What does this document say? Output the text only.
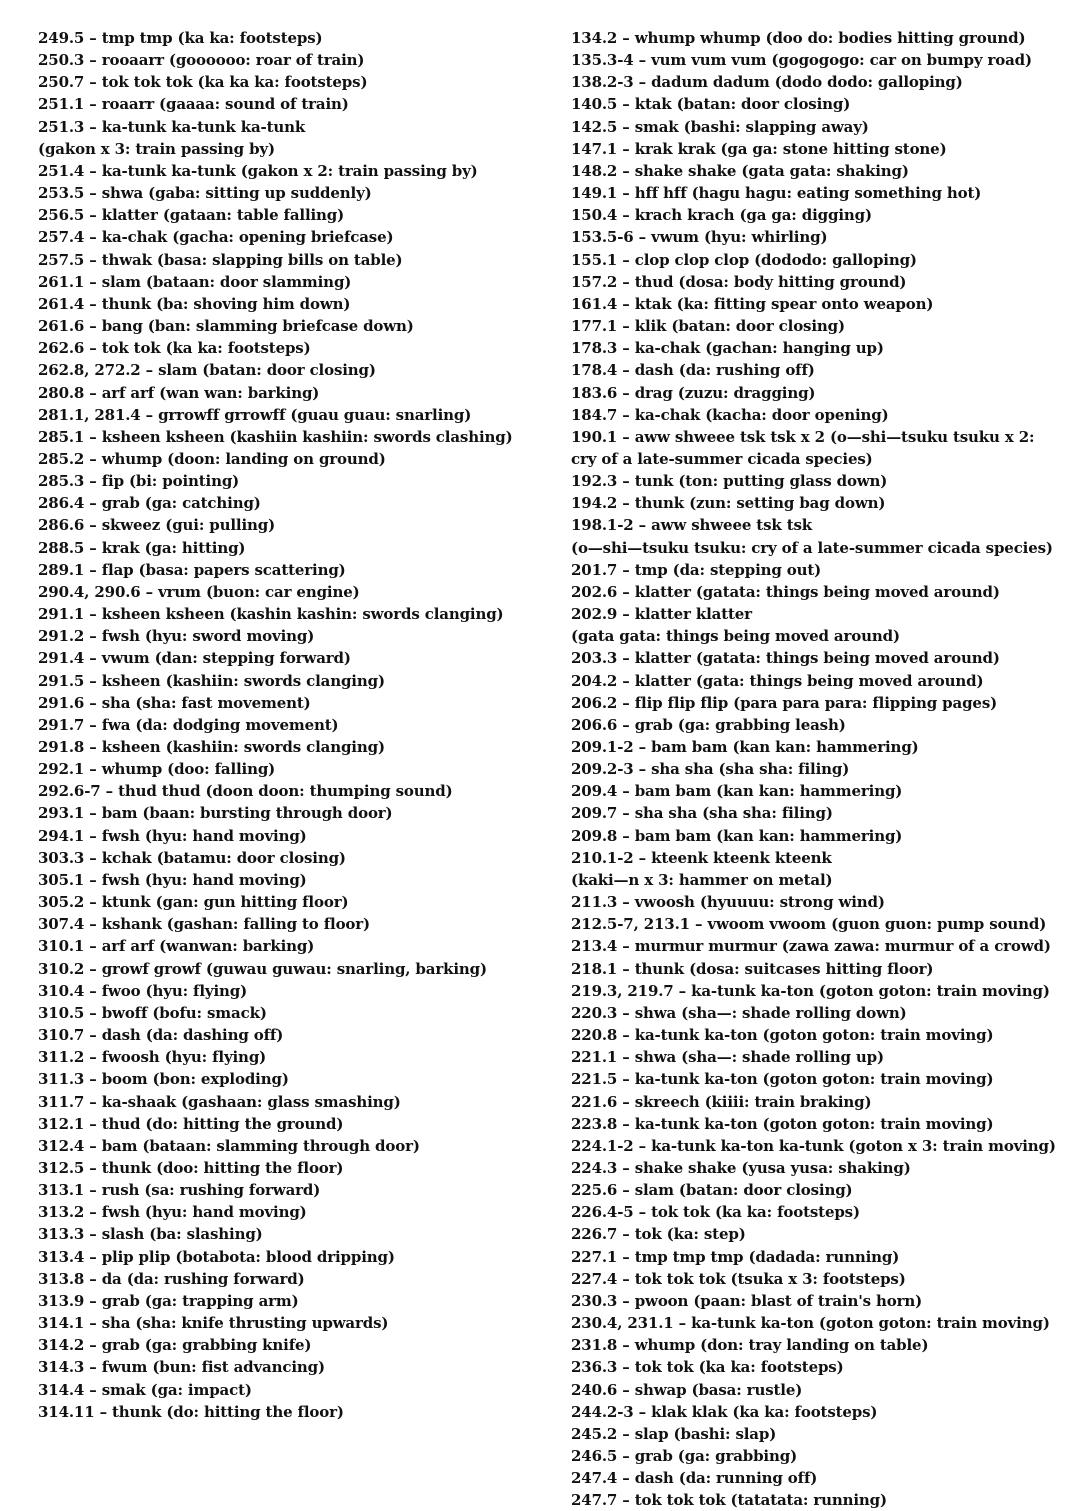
249.5 – tmp tmp (ka ka: footsteps)
250.3 – rooaarr (goooooo: roar of train)
250.7 – tok tok tok (ka ka ka: footsteps)
251.1 – roaarr (gaaaa: sound of train)
251.3 – ka-tunk ka-tunk ka-tunk
(gakon x 3: train passing by)
251.4 – ka-tunk ka-tunk (gakon x 2: train passing by)
253.5 – shwa (gaba: sitting up suddenly)
256.5 – klatter (gataan: table falling)
257.4 – ka-chak (gacha: opening briefcase)
257.5 – thwak (basa: slapping bills on table)
261.1 – slam (bataan: door slamming)
261.4 – thunk (ba: shoving him down)
261.6 – bang (ban: slamming briefcase down)
262.6 – tok tok (ka ka: footsteps)
262.8, 272.2 – slam (batan: door closing)
280.8 – arf arf (wan wan: barking)
281.1, 281.4 – grrowff grrowff (guau guau: snarling)
285.1 – ksheen ksheen (kashiin kashiin: swords clashing)
285.2 – whump (doon: landing on ground)
285.3 – fip (bi: pointing)
286.4 – grab (ga: catching)
286.6 – skweez (gui: pulling)
288.5 – krak (ga: hitting)
289.1 – flap (basa: papers scattering)
290.4, 290.6 – vrum (buon: car engine)
291.1 – ksheen ksheen (kashin kashin: swords clanging)
291.2 – fwsh (hyu: sword moving)
291.4 – vwum (dan: stepping forward)
291.5 – ksheen (kashiin: swords clanging)
291.6 – sha (sha: fast movement)
291.7 – fwa (da: dodging movement)
291.8 – ksheen (kashiin: swords clanging)
292.1 – whump (doo: falling)
292.6-7 – thud thud (doon doon: thumping sound)
293.1 – bam (baan: bursting through door)
294.1 – fwsh (hyu: hand moving)
303.3 – kchak (batamu: door closing)
305.1 – fwsh (hyu: hand moving)
305.2 – ktunk (gan: gun hitting floor)
307.4 – kshank (gashan: falling to floor)
310.1 – arf arf (wanwan: barking)
310.2 – growf growf (guwau guwau: snarling, barking)
310.4 – fwoo (hyu: flying)
310.5 – bwoff (bofu: smack)
310.7 – dash (da: dashing off)
311.2 – fwoosh (hyu: flying)
311.3 – boom (bon: exploding)
311.7 – ka-shaak (gashaan: glass smashing)
312.1 – thud (do: hitting the ground)
312.4 – bam (bataan: slamming through door)
312.5 – thunk (doo: hitting the floor)
313.1 – rush (sa: rushing forward)
313.2 – fwsh (hyu: hand moving)
313.3 – slash (ba: slashing)
313.4 – plip plip (botabota: blood dripping)
313.8 – da (da: rushing forward)
313.9 – grab (ga: trapping arm)
314.1 – sha (sha: knife thrusting upwards)
314.2 – grab (ga: grabbing knife)
314.3 – fwum (bun: fist advancing)
314.4 – smak (ga: impact)
314.11 – thunk (do: hitting the floor)
134.2 – whump whump (doo do: bodies hitting ground)
135.3-4 – vum vum vum (gogogogo: car on bumpy road)
138.2-3 – dadum dadum (dodo dodo: galloping)
140.5 – ktak (batan: door closing)
142.5 – smak (bashi: slapping away)
147.1 – krak krak (ga ga: stone hitting stone)
148.2 – shake shake (gata gata: shaking)
149.1 – hff hff (hagu hagu: eating something hot)
150.4 – krach krach (ga ga: digging)
153.5-6 – vwum (hyu: whirling)
155.1 – clop clop clop (dododo: galloping)
157.2 – thud (dosa: body hitting ground)
161.4 – ktak (ka: fitting spear onto weapon)
177.1 – klik (batan: door closing)
178.3 – ka-chak (gachan: hanging up)
178.4 – dash (da: rushing off)
183.6 – drag (zuzu: dragging)
184.7 – ka-chak (kacha: door opening)
190.1 – aww shweee tsk tsk x 2 (o—shi—tsuku tsuku x 2:
cry of a late-summer cicada species)
192.3 – tunk (ton: putting glass down)
194.2 – thunk (zun: setting bag down)
198.1-2 – aww shweee tsk tsk
(o—shi—tsuku tsuku: cry of a late-summer cicada species)
201.7 – tmp (da: stepping out)
202.6 – klatter (gatata: things being moved around)
202.9 – klatter klatter
(gata gata: things being moved around)
203.3 – klatter (gatata: things being moved around)
204.2 – klatter (gata: things being moved around)
206.2 – flip flip flip (para para para: flipping pages)
206.6 – grab (ga: grabbing leash)
209.1-2 – bam bam (kan kan: hammering)
209.2-3 – sha sha (sha sha: filing)
209.4 – bam bam (kan kan: hammering)
209.7 – sha sha (sha sha: filing)
209.8 – bam bam (kan kan: hammering)
210.1-2 – kteenk kteenk kteenk
(kaki—n x 3: hammer on metal)
211.3 – vwoosh (hyuuuu: strong wind)
212.5-7, 213.1 – vwoom vwoom (guon guon: pump sound)
213.4 – murmur murmur (zawa zawa: murmur of a crowd)
218.1 – thunk (dosa: suitcases hitting floor)
219.3, 219.7 – ka-tunk ka-ton (goton goton: train moving)
220.3 – shwa (sha—: shade rolling down)
220.8 – ka-tunk ka-ton (goton goton: train moving)
221.1 – shwa (sha—: shade rolling up)
221.5 – ka-tunk ka-ton (goton goton: train moving)
221.6 – skreech (kiiii: train braking)
223.8 – ka-tunk ka-ton (goton goton: train moving)
224.1-2 – ka-tunk ka-ton ka-tunk (goton x 3: train moving)
224.3 – shake shake (yusa yusa: shaking)
225.6 – slam (batan: door closing)
226.4-5 – tok tok (ka ka: footsteps)
226.7 – tok (ka: step)
227.1 – tmp tmp tmp (dadada: running)
227.4 – tok tok tok (tsuka x 3: footsteps)
230.3 – pwoon (paan: blast of train's horn)
230.4, 231.1 – ka-tunk ka-ton (goton goton: train moving)
231.8 – whump (don: tray landing on table)
236.3 – tok tok (ka ka: footsteps)
240.6 – shwap (basa: rustle)
244.2-3 – klak klak (ka ka: footsteps)
245.2 – slap (bashi: slap)
246.5 – grab (ga: grabbing)
247.4 – dash (da: running off)
247.7 – tok tok tok (tatatata: running)
